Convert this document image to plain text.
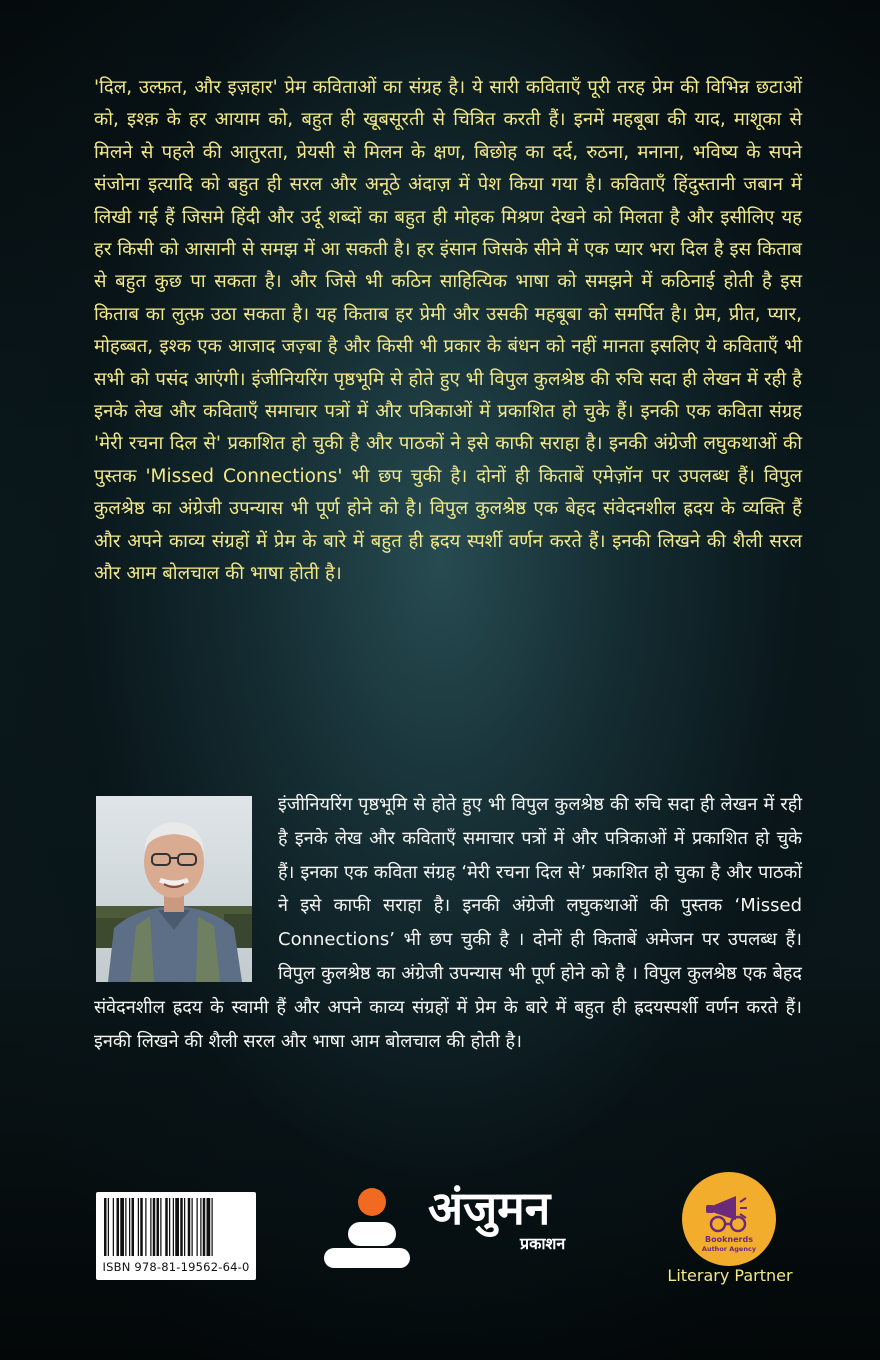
'दिल, उल्फ़त, और इज़हार' प्रेम कविताओं का संग्रह है। ये सारी कविताएँ पूरी तरह प्रेम की विभिन्न छटाओं को, इश्क़ के हर आयाम को, बहुत ही खूबसूरती से चित्रित करती हैं। इनमें महबूबा की याद, माशूका से मिलने से पहले की आतुरता, प्रेयसी से मिलन के क्षण, बिछोह का दर्द, रुठना, मनाना, भविष्य के सपने संजोना इत्यादि को बहुत ही सरल और अनूठे अंदाज़ में पेश किया गया है। कविताएँ हिंदुस्तानी जबान में लिखी गई हैं जिसमे हिंदी और उर्दू शब्दों का बहुत ही मोहक मिश्रण देखने को मिलता है और इसीलिए यह हर किसी को आसानी से समझ में आ सकती है। हर इंसान जिसके सीने में एक प्यार भरा दिल है इस किताब से बहुत कुछ पा सकता है। और जिसे भी कठिन साहित्यिक भाषा को समझने में कठिनाई होती है इस किताब का लुत्फ़ उठा सकता है। यह किताब हर प्रेमी और उसकी महबूबा को समर्पित है। प्रेम, प्रीत, प्यार, मोहब्बत, इश्क एक आजाद जज़्बा है और किसी भी प्रकार के बंधन को नहीं मानता इसलिए ये कविताएँ भी सभी को पसंद आएंगी। इंजीनियरिंग पृष्ठभूमि से होते हुए भी विपुल कुलश्रेष्ठ की रुचि सदा ही लेखन में रही है इनके लेख और कविताएँ समाचार पत्रों में और पत्रिकाओं में प्रकाशित हो चुके हैं। इनकी एक कविता संग्रह 'मेरी रचना दिल से' प्रकाशित हो चुकी है और पाठकों ने इसे काफी सराहा है। इनकी अंग्रेजी लघुकथाओं की पुस्तक 'Missed Connections' भी छप चुकी है। दोनों ही किताबें एमेज़ॉन पर उपलब्ध हैं। विपुल कुलश्रेष्ठ का अंग्रेजी उपन्यास भी पूर्ण होने को है। विपुल कुलश्रेष्ठ एक बेहद संवेदनशील ह्रदय के व्यक्ति हैं और अपने काव्य संग्रहों में प्रेम के बारे में बहुत ही ह्रदय स्पर्शी वर्णन करते हैं। इनकी लिखने की शैली सरल और आम बोलचाल की भाषा होती है।

इंजीनियरिंग पृष्ठभूमि से होते हुए भी विपुल कुलश्रेष्ठ की रुचि सदा ही लेखन में रही है इनके लेख और कविताएँ समाचार पत्रों में और पत्रिकाओं में प्रकाशित हो चुके हैं। इनका एक कविता संग्रह ‘मेरी रचना दिल से’ प्रकाशित हो चुका है और पाठकों ने इसे काफी सराहा है। इनकी अंग्रेजी लघुकथाओं की पुस्तक ‘Missed Connections’ भी छप चुकी है । दोनों ही किताबें अमेजन पर उपलब्ध हैं। विपुल कुलश्रेष्ठ का अंग्रेजी उपन्यास भी पूर्ण होने को है । विपुल कुलश्रेष्ठ एक बेहद संवेदनशील ह्रदय के स्वामी हैं और अपने काव्य संग्रहों में प्रेम के बारे में बहुत ही ह्रदयस्पर्शी वर्णन करते हैं। इनकी लिखने की शैली सरल और भाषा आम बोलचाल की होती है।

ISBN 978-81-19562-64-0
अंजुमन
प्रकाशन	Booknerds
Author Agency
Literary Partner
